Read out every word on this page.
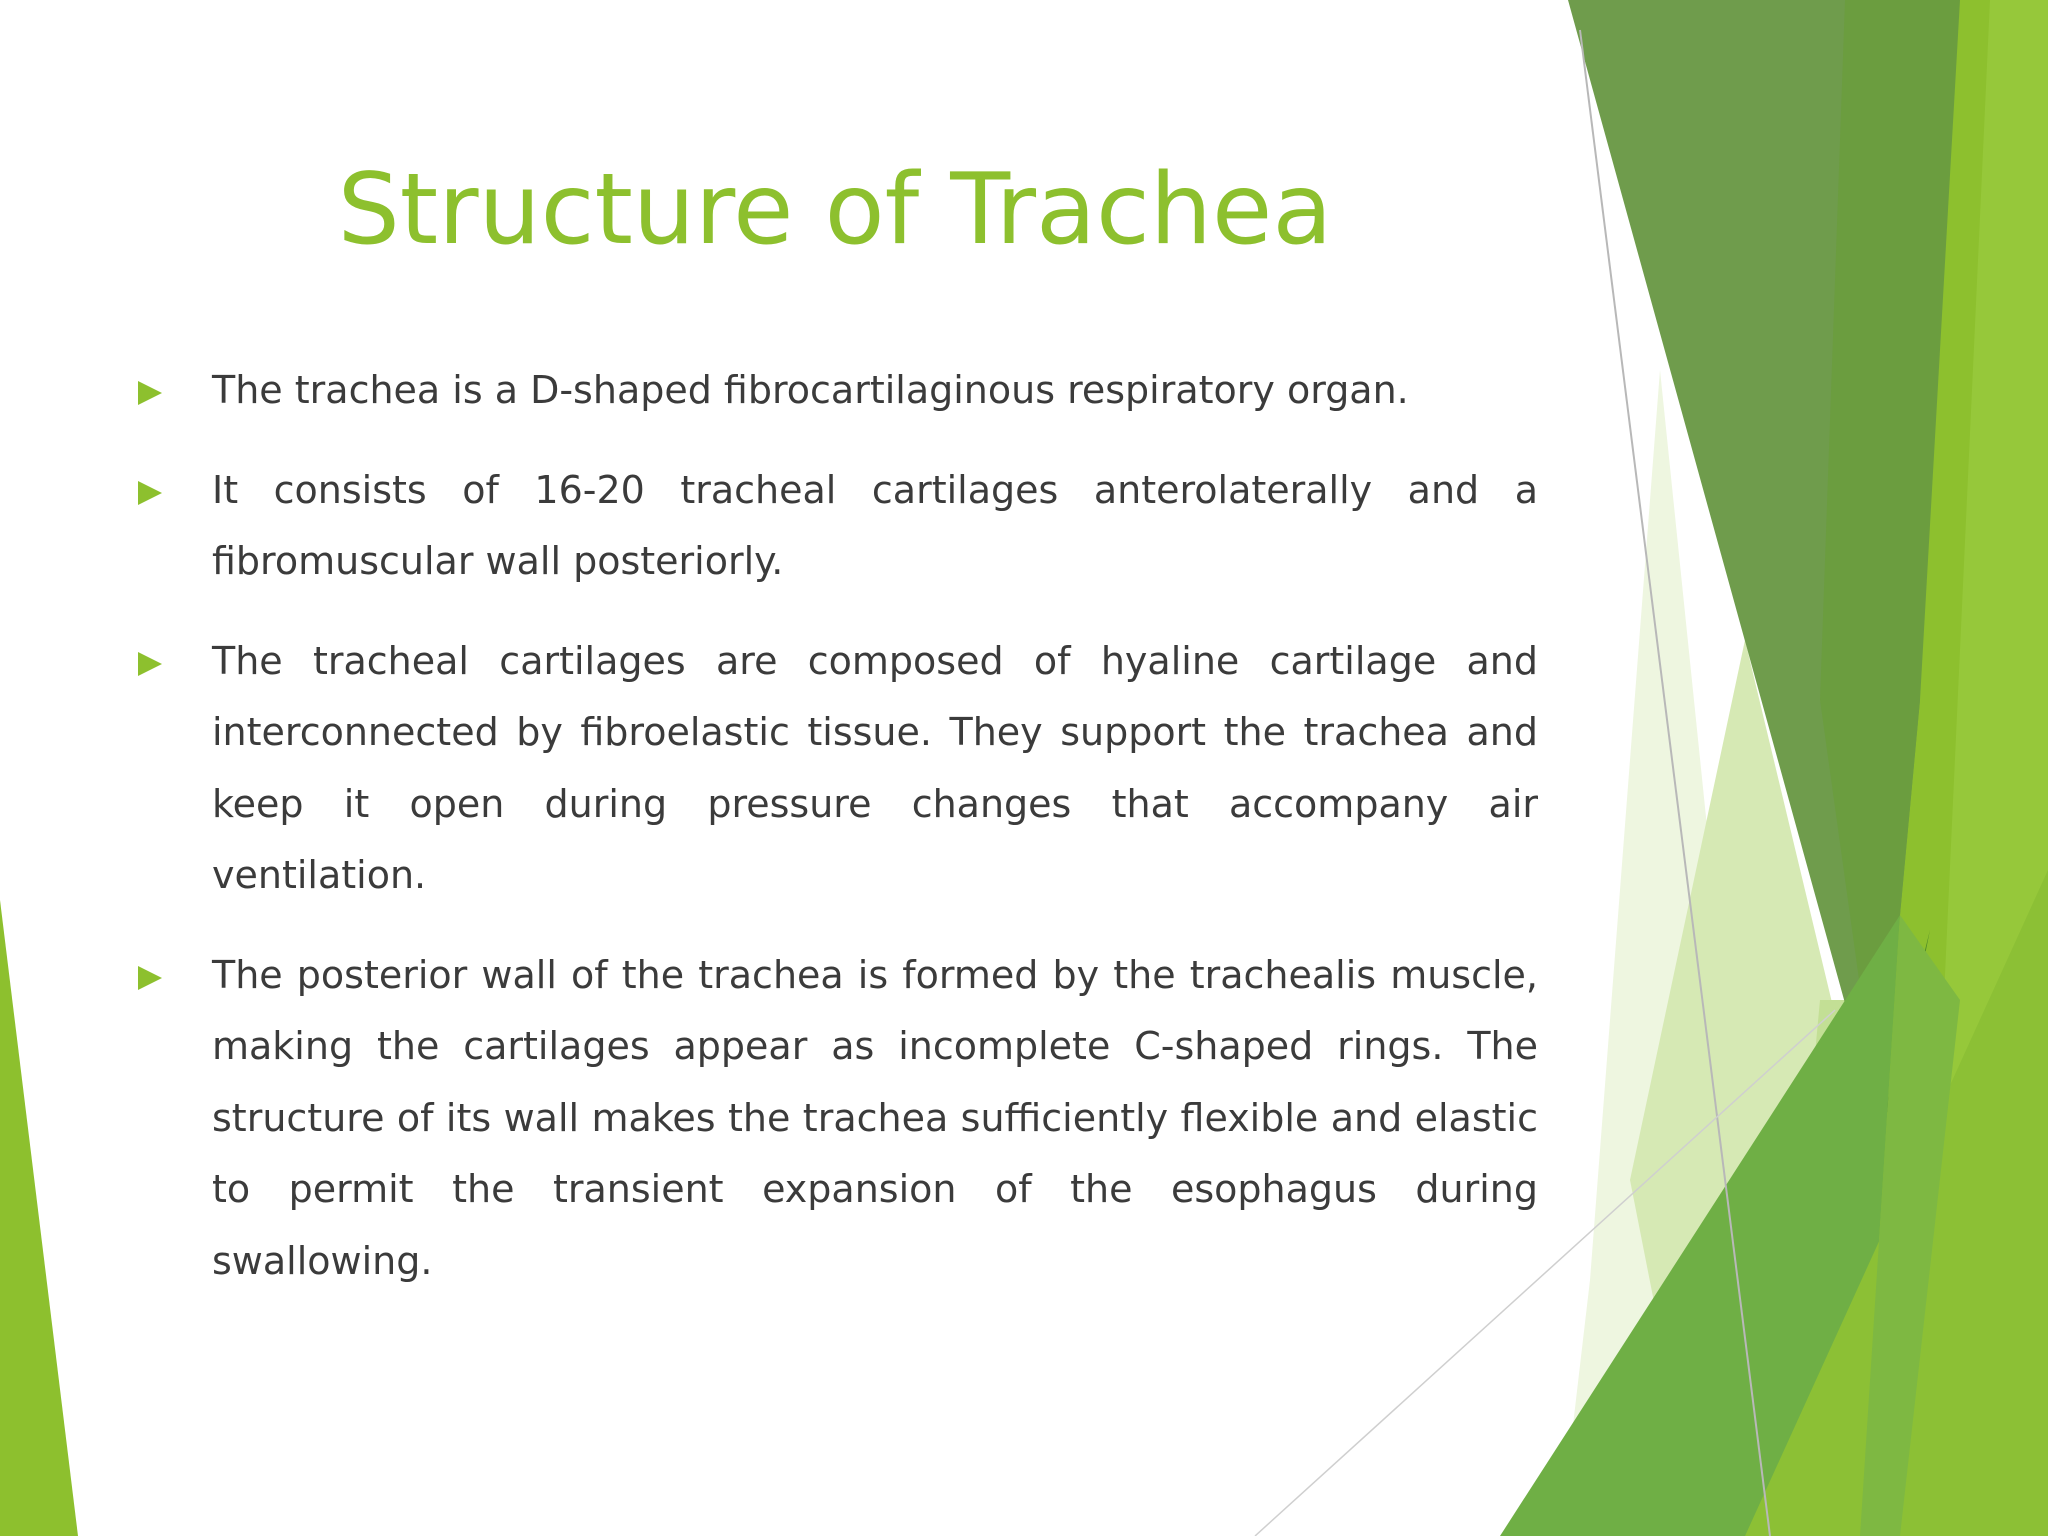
Structure of Trachea
The trachea is a D-shaped fibrocartilaginous respiratory organ.
It consists of 16-20 tracheal cartilages anterolaterally and a fibromuscular wall posteriorly.
The tracheal cartilages are composed of hyaline cartilage and interconnected by fibroelastic tissue. They support the trachea and keep it open during pressure changes that accompany air ventilation.
The posterior wall of the trachea is formed by the trachealis muscle, making the cartilages appear as incomplete C-shaped rings. The structure of its wall makes the trachea sufficiently flexible and elastic to permit the transient expansion of the esophagus during swallowing.
